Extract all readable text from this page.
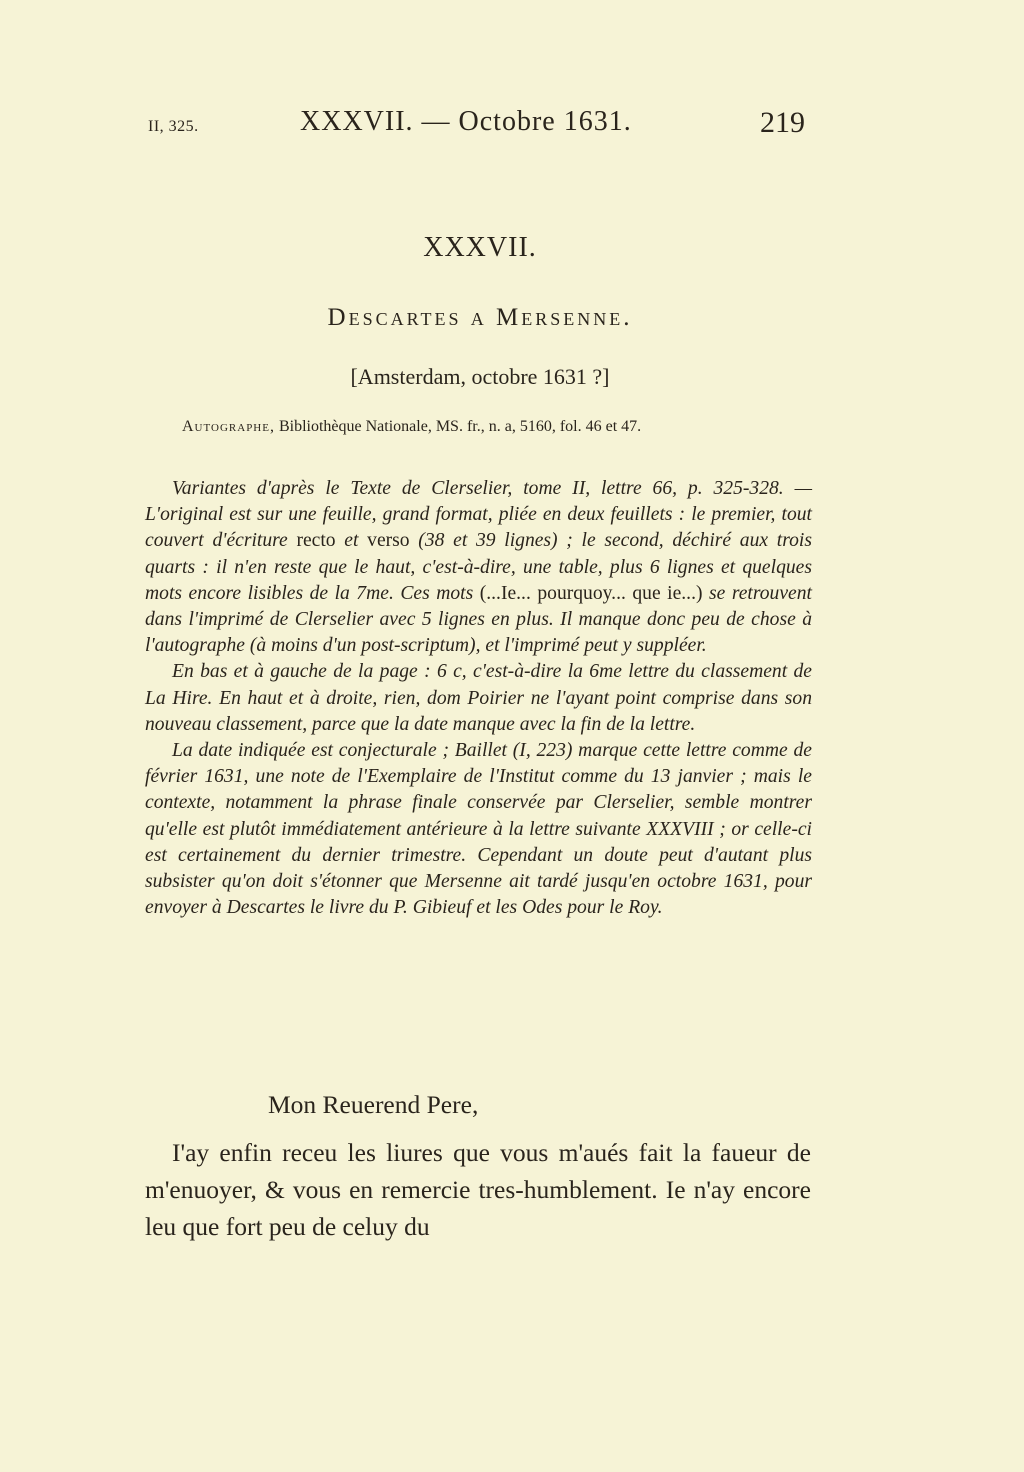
II, 325.	XXXVII. — Octobre 1631.	219
XXXVII.
Descartes a Mersenne.
[Amsterdam, octobre 1631 ?]
Autographe, Bibliothèque Nationale, MS. fr., n. a, 5160, fol. 46 et 47.

Variantes d'après le Texte de Clerselier, tome II, lettre 66, p. 325-328. — L'original est sur une feuille, grand format, pliée en deux feuillets : le premier, tout couvert d'écriture recto et verso (38 et 39 lignes) ; le second, déchiré aux trois quarts : il n'en reste que le haut, c'est-à-dire, une table, plus 6 lignes et quelques mots encore lisibles de la 7me. Ces mots (...Ie... pourquoy... que ie...) se retrouvent dans l'imprimé de Clerselier avec 5 lignes en plus. Il manque donc peu de chose à l'autographe (à moins d'un post-scriptum), et l'imprimé peut y suppléer.

En bas et à gauche de la page : 6 c, c'est-à-dire la 6me lettre du classement de La Hire. En haut et à droite, rien, dom Poirier ne l'ayant point comprise dans son nouveau classement, parce que la date manque avec la fin de la lettre.

La date indiquée est conjecturale ; Baillet (I, 223) marque cette lettre comme de février 1631, une note de l'Exemplaire de l'Institut comme du 13 janvier ; mais le contexte, notamment la phrase finale conservée par Clerselier, semble montrer qu'elle est plutôt immédiatement antérieure à la lettre suivante XXXVIII ; or celle-ci est certainement du dernier trimestre. Cependant un doute peut d'autant plus subsister qu'on doit s'étonner que Mersenne ait tardé jusqu'en octobre 1631, pour envoyer à Descartes le livre du P. Gibieuf et les Odes pour le Roy.

Mon Reuerend Pere,

I'ay enfin receu les liures que vous m'aués fait la faueur de m'enuoyer, & vous en remercie tres-humblement. Ie n'ay encore leu que fort peu de celuy du
